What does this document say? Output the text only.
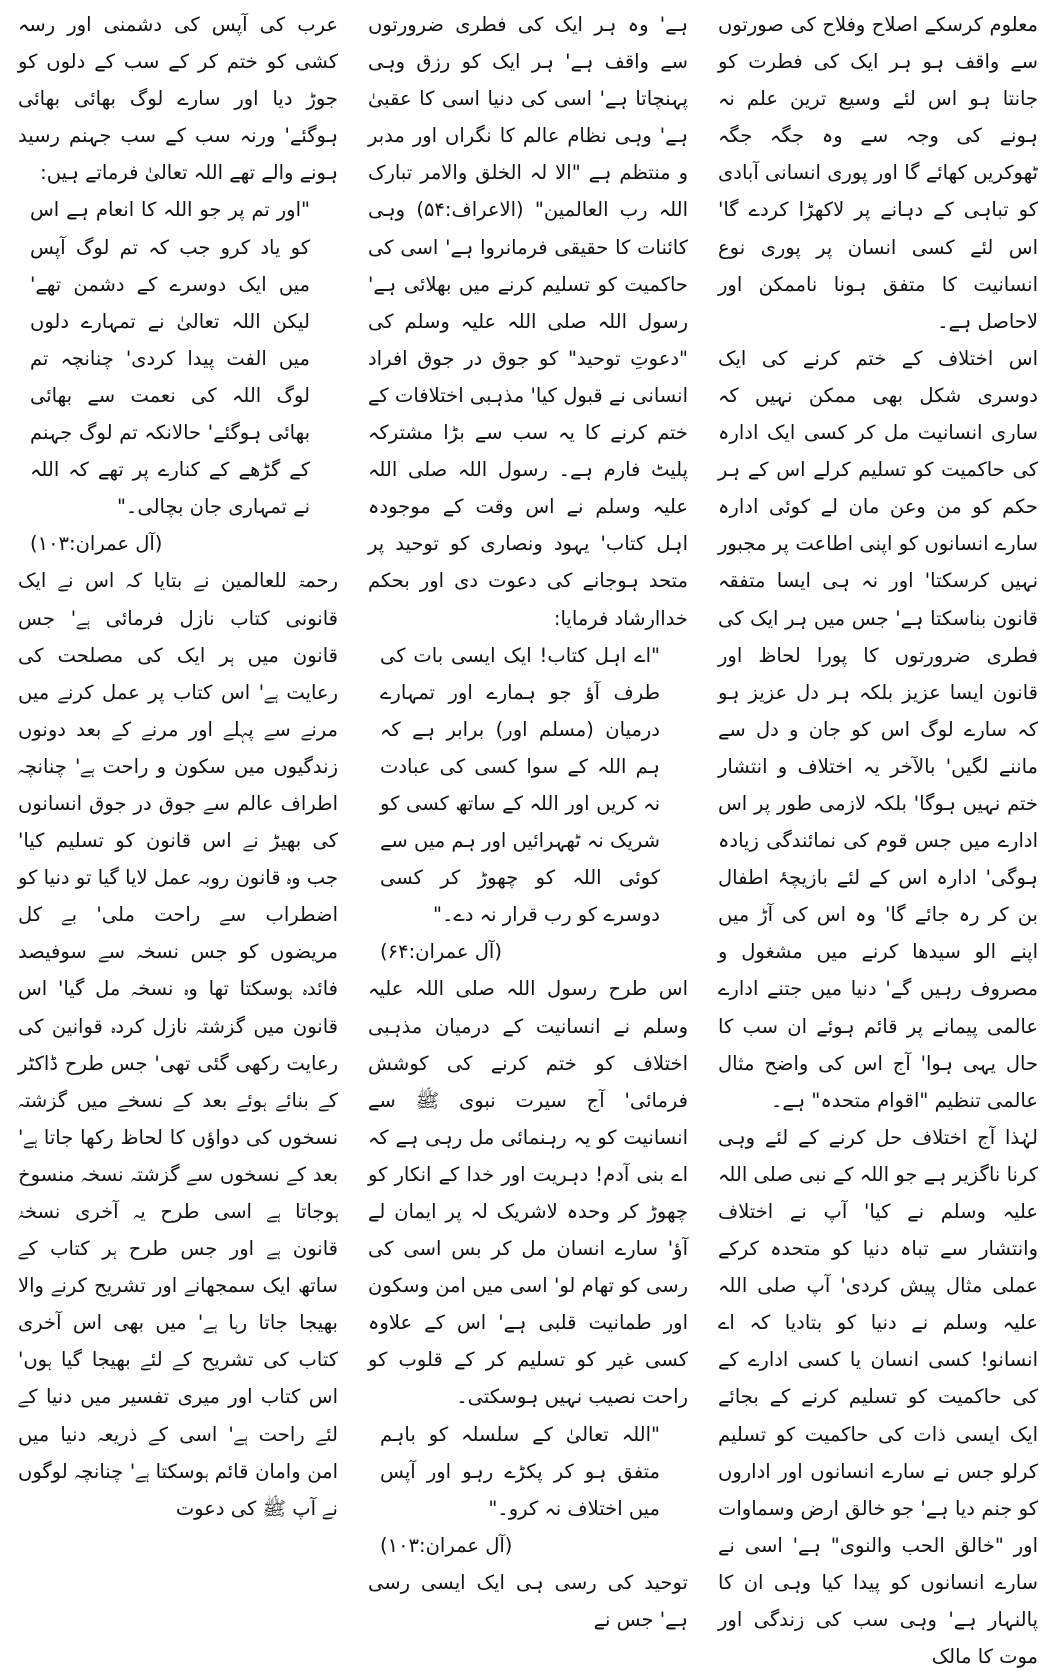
معلوم کرسکے اصلاح وفلاح کی صورتوں سے واقف ہو ہر ایک کی فطرت کو جانتا ہو اس لئے وسیع ترین علم نہ ہونے کی وجہ سے وہ جگہ جگہ ٹھوکریں کھائے گا اور پوری انسانی آبادی کو تباہی کے دہانے پر لاکھڑا کردے گا' اس لئے کسی انسان پر پوری نوع انسانیت کا متفق ہونا ناممکن اور لاحاصل ہے۔

اس اختلاف کے ختم کرنے کی ایک دوسری شکل بھی ممکن نہیں کہ ساری انسانیت مل کر کسی ایک ادارہ کی حاکمیت کو تسلیم کرلے اس کے ہر حکم کو من وعن مان لے کوئی ادارہ سارے انسانوں کو اپنی اطاعت پر مجبور نہیں کرسکتا' اور نہ ہی ایسا متفقہ قانون بناسکتا ہے' جس میں ہر ایک کی فطری ضرورتوں کا پورا لحاظ اور قانون ایسا عزیز بلکہ ہر دل عزیز ہو کہ سارے لوگ اس کو جان و دل سے ماننے لگیں' بالآخر یہ اختلاف و انتشار ختم نہیں ہوگا' بلکہ لازمی طور پر اس ادارے میں جس قوم کی نمائندگی زیادہ ہوگی' ادارہ اس کے لئے بازیچۂ اطفال بن کر رہ جائے گا' وہ اس کی آڑ میں اپنے الو سیدھا کرنے میں مشغول و مصروف رہیں گے' دنیا میں جتنے ادارے عالمی پیمانے پر قائم ہوئے ان سب کا حال یہی ہوا' آج اس کی واضح مثال عالمی تنظیم "اقوام متحدہ" ہے۔

لہٰذا آج اختلاف حل کرنے کے لئے وہی کرنا ناگزیر ہے جو اللہ کے نبی صلی اللہ علیہ وسلم نے کیا' آپ نے اختلاف وانتشار سے تباہ دنیا کو متحدہ کرکے عملی مثال پیش کردی' آپ صلی اللہ علیہ وسلم نے دنیا کو بتادیا کہ اے انسانو! کسی انسان یا کسی ادارے کے کی حاکمیت کو تسلیم کرنے کے بجائے ایک ایسی ذات کی حاکمیت کو تسلیم کرلو جس نے سارے انسانوں اور اداروں کو جنم دیا ہے' جو خالق ارض وسماوات اور "خالق الحب والنوی" ہے' اسی نے سارے انسانوں کو پیدا کیا وہی ان کا پالنہار ہے' وہی سب کی زندگی اور موت کا مالک

ہے' وہ ہر ایک کی فطری ضرورتوں سے واقف ہے' ہر ایک کو رزق وہی پہنچاتا ہے' اسی کی دنیا اسی کا عقبیٰ ہے' وہی نظام عالم کا نگراں اور مدبر و منتظم ہے "الا لہ الخلق والامر تبارک اللہ رب العالمین" (الاعراف:۵۴) وہی کائنات کا حقیقی فرمانروا ہے' اسی کی حاکمیت کو تسلیم کرنے میں بھلائی ہے' رسول اللہ صلی اللہ علیہ وسلم کی "دعوتِ توحید" کو جوق در جوق افراد انسانی نے قبول کیا' مذہبی اختلافات کے ختم کرنے کا یہ سب سے بڑا مشترکہ پلیٹ فارم ہے۔ رسول اللہ صلی اللہ علیہ وسلم نے اس وقت کے موجودہ اہل کتاب' یہود ونصاری کو توحید پر متحد ہوجانے کی دعوت دی اور بحکم خداارشاد فرمایا:

"اے اہل کتاب! ایک ایسی بات کی طرف آؤ جو ہمارے اور تمہارے درمیان (مسلم اور) برابر ہے کہ ہم اللہ کے سوا کسی کی عبادت نہ کریں اور اللہ کے ساتھ کسی کو شریک نہ ٹھہرائیں اور ہم میں سے کوئی اللہ کو چھوڑ کر کسی دوسرے کو رب قرار نہ دے۔"
(آل عمران:۶۴)

اس طرح رسول اللہ صلی اللہ علیہ وسلم نے انسانیت کے درمیان مذہبی اختلاف کو ختم کرنے کی کوشش فرمائی' آج سیرت نبوی ﷺ سے انسانیت کو یہ رہنمائی مل رہی ہے کہ اے بنی آدم! دہریت اور خدا کے انکار کو چھوڑ کر وحدہ لاشریک لہ پر ایمان لے آؤ' سارے انسان مل کر بس اسی کی رسی کو تھام لو' اسی میں امن وسکون اور طمانیت قلبی ہے' اس کے علاوہ کسی غیر کو تسلیم کر کے قلوب کو راحت نصیب نہیں ہوسکتی۔

"اللہ تعالیٰ کے سلسلہ کو باہم متفق ہو کر پکڑے رہو اور آپس میں اختلاف نہ کرو۔"
(آل عمران:۱۰۳)

توحید کی رسی ہی ایک ایسی رسی ہے' جس نے

عرب کی آپس کی دشمنی اور رسہ کشی کو ختم کر کے سب کے دلوں کو جوڑ دیا اور سارے لوگ بھائی بھائی ہوگئے' ورنہ سب کے سب جہنم رسید ہونے والے تھے اللہ تعالیٰ فرماتے ہیں:

"اور تم پر جو اللہ کا انعام ہے اس کو یاد کرو جب کہ تم لوگ آپس میں ایک دوسرے کے دشمن تھے' لیکن اللہ تعالیٰ نے تمہارے دلوں میں الفت پیدا کردی' چنانچہ تم لوگ اللہ کی نعمت سے بھائی بھائی ہوگئے' حالانکہ تم لوگ جہنم کے گڑھے کے کنارے پر تھے کہ اللہ نے تمہاری جان بچالی۔"
(آل عمران:۱۰۳)

رحمۃ للعالمین نے بتایا کہ اس نے ایک قانونی کتاب نازل فرمائی ہے' جس قانون میں ہر ایک کی مصلحت کی رعایت ہے' اس کتاب پر عمل کرنے میں مرنے سے پہلے اور مرنے کے بعد دونوں زندگیوں میں سکون و راحت ہے' چنانچہ اطراف عالم سے جوق در جوق انسانوں کی بھیڑ نے اس قانون کو تسلیم کیا' جب وہ قانون روبہ عمل لایا گیا تو دنیا کو اضطراب سے راحت ملی' بے کل مریضوں کو جس نسخہ سے سوفیصد فائدہ ہوسکتا تھا وہ نسخہ مل گیا' اس قانون میں گزشتہ نازل کردہ قوانین کی رعایت رکھی گئی تھی' جس طرح ڈاکٹر کے بنائے ہوئے بعد کے نسخے میں گزشتہ نسخوں کی دواؤں کا لحاظ رکھا جاتا ہے' بعد کے نسخوں سے گزشتہ نسخہ منسوخ ہوجاتا ہے اسی طرح یہ آخری نسخۂ قانون ہے اور جس طرح ہر کتاب کے ساتھ ایک سمجھانے اور تشریح کرنے والا بھیجا جاتا رہا ہے' میں بھی اس آخری کتاب کی تشریح کے لئے بھیجا گیا ہوں' اس کتاب اور میری تفسیر میں دنیا کے لئے راحت ہے' اسی کے ذریعہ دنیا میں امن وامان قائم ہوسکتا ہے' چنانچہ لوگوں نے آپ ﷺ کی دعوت
